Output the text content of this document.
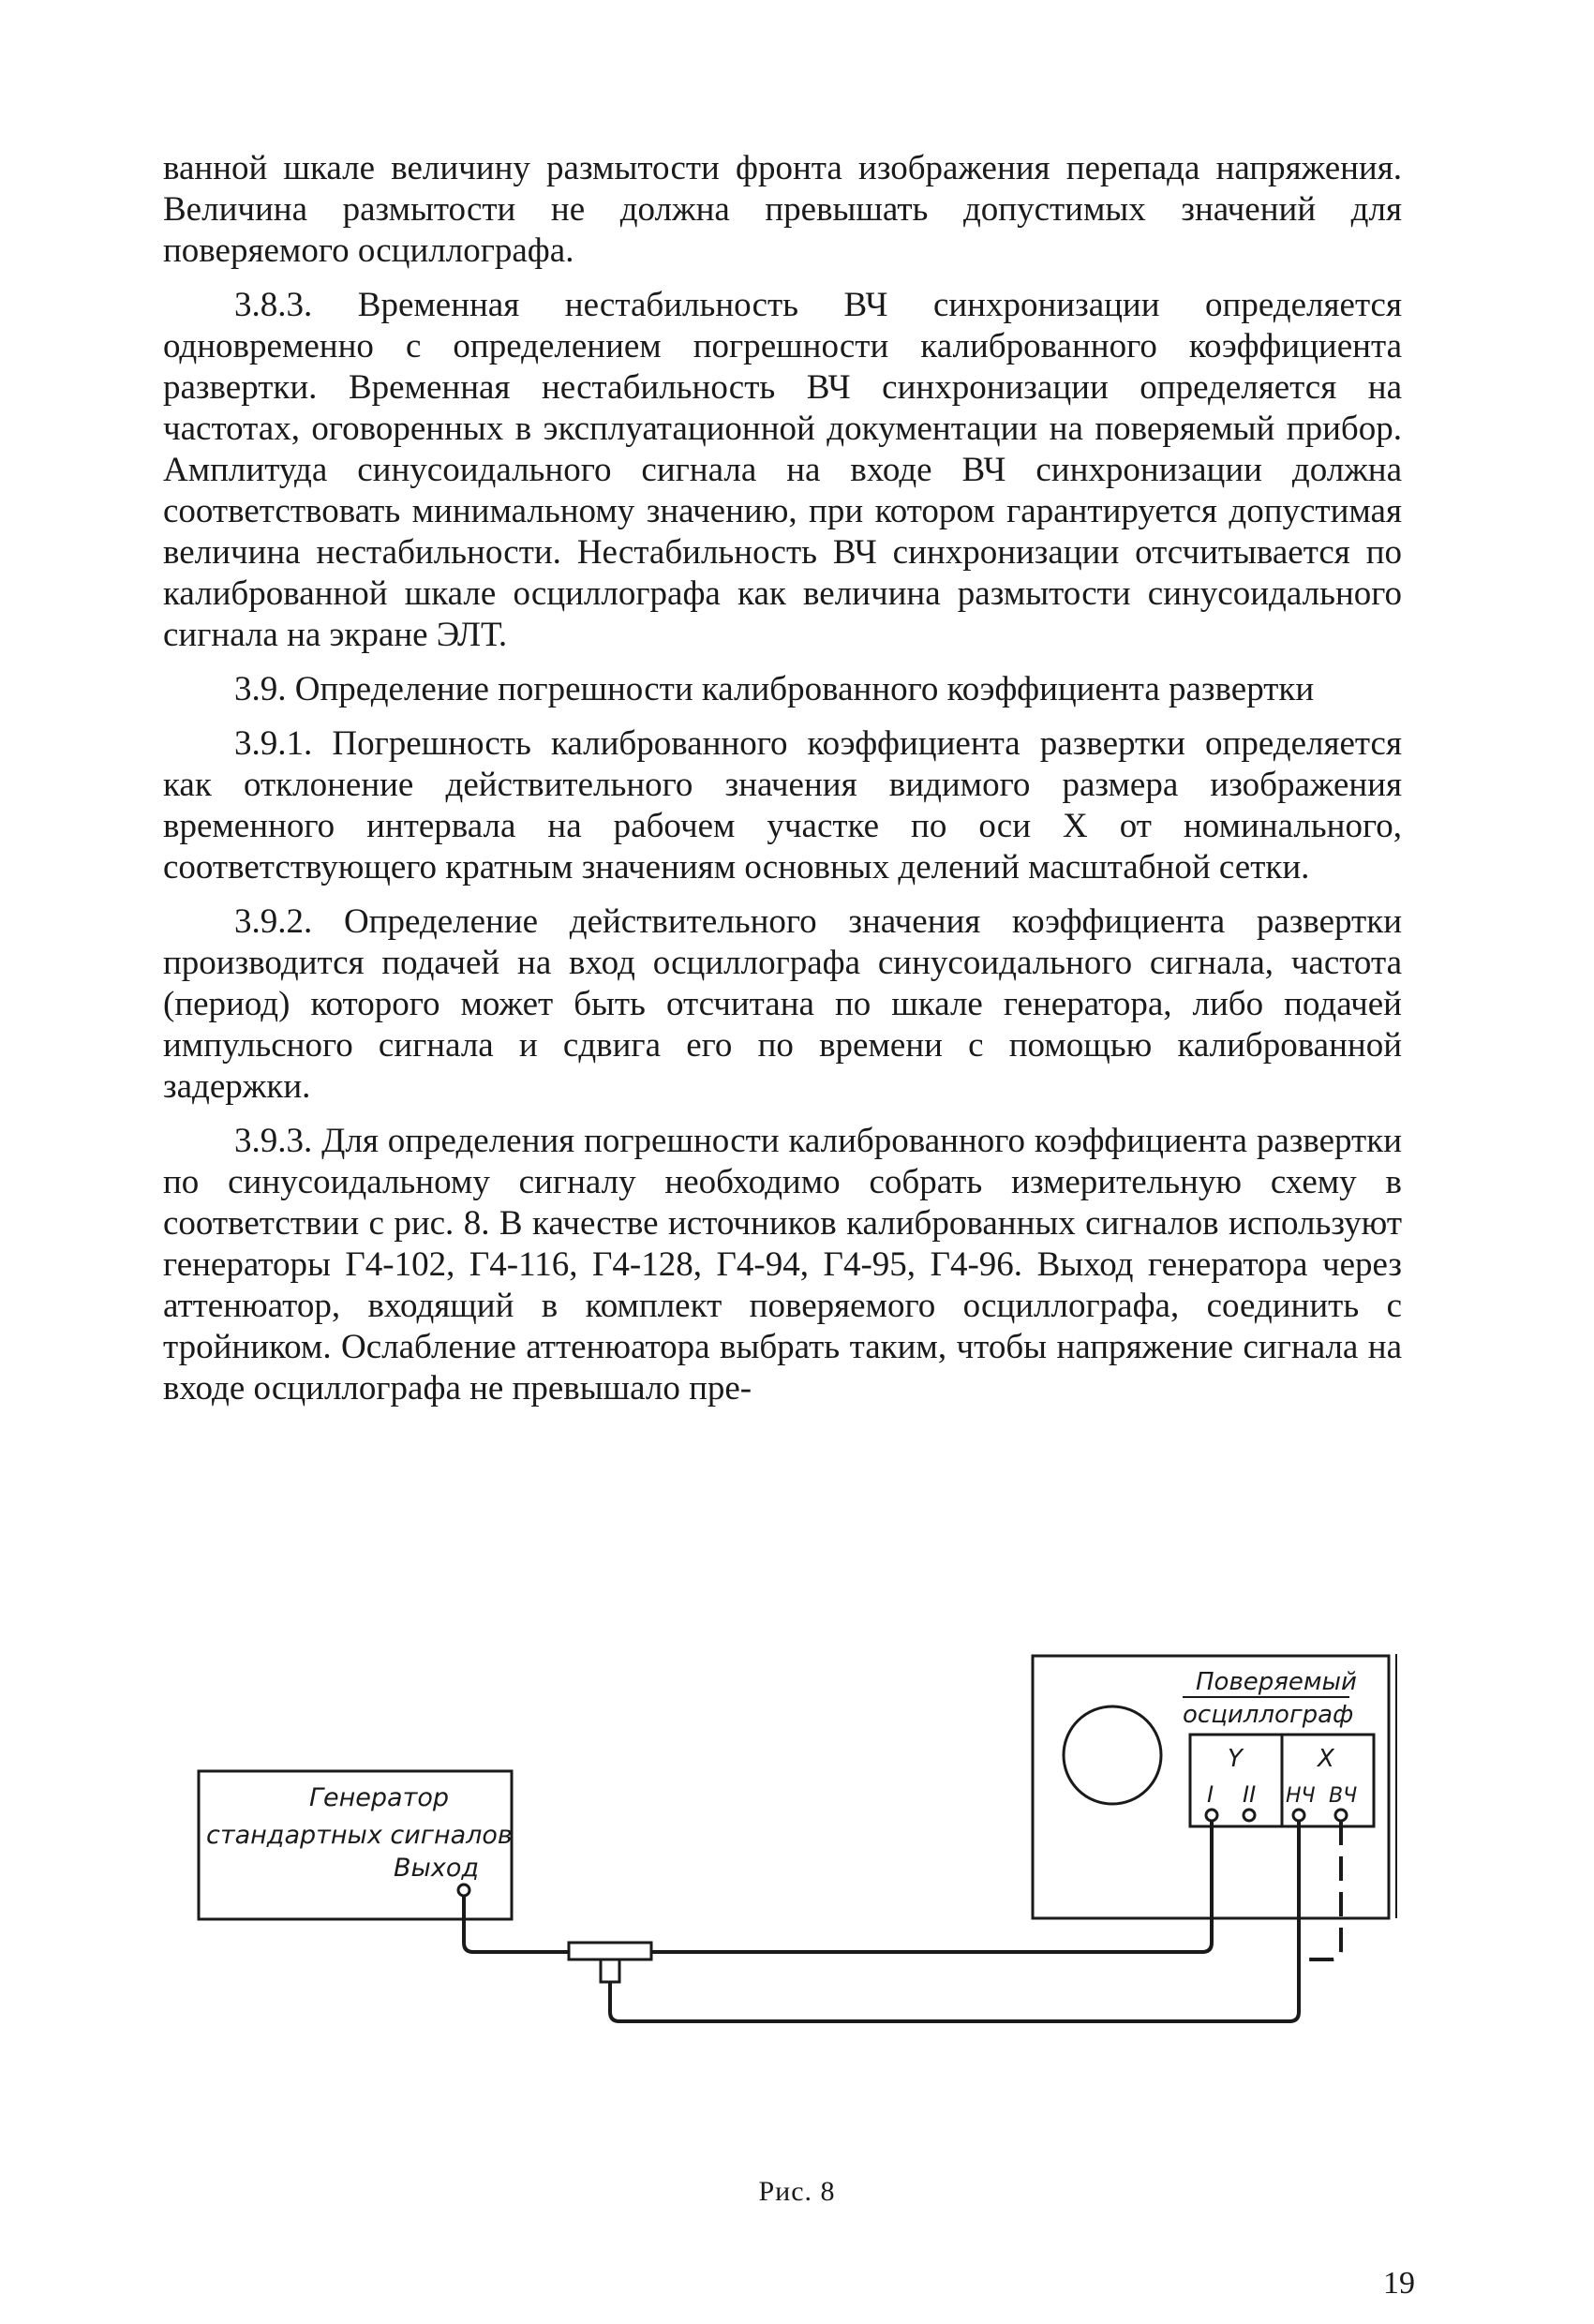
ванной шкале величину размытости фронта изображения перепада напряжения. Величина размытости не должна превышать допустимых значений для поверяемого осциллографа.

3.8.3. Временная нестабильность ВЧ синхронизации определяется одновременно с определением погрешности калиброванного коэффициента развертки. Временная нестабильность ВЧ синхронизации определяется на частотах, оговоренных в эксплуатационной документации на поверяемый прибор. Амплитуда синусоидального сигнала на входе ВЧ синхронизации должна соответствовать минимальному значению, при котором гарантируется допустимая величина нестабильности. Нестабильность ВЧ синхронизации отсчитывается по калиброванной шкале осциллографа как величина размытости синусоидального сигнала на экране ЭЛТ.

3.9. Определение погрешности калиброванного коэффициента развертки

3.9.1. Погрешность калиброванного коэффициента развертки определяется как отклонение действительного значения видимого размера изображения временного интервала на рабочем участке по оси X от номинального, соответствующего кратным значениям основных делений масштабной сетки.

3.9.2. Определение действительного значения коэффициента развертки производится подачей на вход осциллографа синусоидального сигнала, частота (период) которого может быть отсчитана по шкале генератора, либо подачей импульсного сигнала и сдвига его по времени с помощью калиброванной задержки.

3.9.3. Для определения погрешности калиброванного коэффициента развертки по синусоидальному сигналу необходимо собрать измерительную схему в соответствии с рис. 8. В качестве источников калиброванных сигналов используют генераторы Г4-102, Г4-116, Г4-128, Г4-94, Г4-95, Г4-96. Выход генератора через аттенюатор, входящий в комплект поверяемого осциллографа, соединить с тройником. Ослабление аттенюатора выбрать таким, чтобы напряжение сигнала на входе осциллографа не превышало пре-

Генератор
стандартных сигналов
Выход
Поверяемый
осциллограф
Y	X
I II НЧ ВЧ
Рис. 8
19
